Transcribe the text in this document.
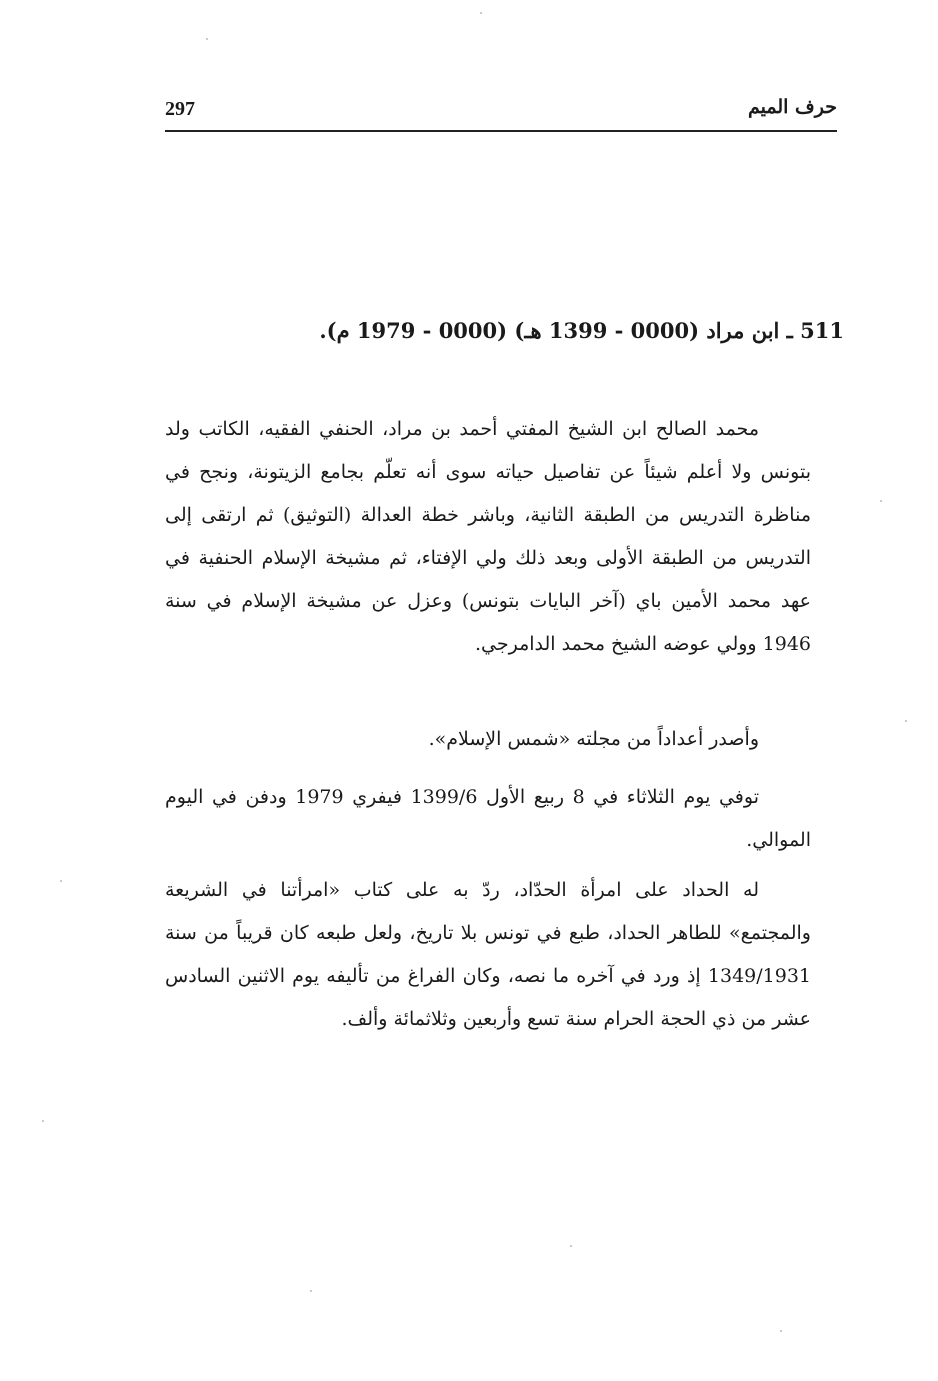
297	حرف الميم
511 ـ ابن مراد (0000 - 1399 هـ) (0000 - 1979 م).

محمد الصالح ابن الشيخ المفتي أحمد بن مراد، الحنفي الفقيه، الكاتب ولد بتونس ولا أعلم شيئاً عن تفاصيل حياته سوى أنه تعلّم بجامع الزيتونة، ونجح في مناظرة التدريس من الطبقة الثانية، وباشر خطة العدالة (التوثيق) ثم ارتقى إلى التدريس من الطبقة الأولى وبعد ذلك ولي الإفتاء، ثم مشيخة الإسلام الحنفية في عهد محمد الأمين باي (آخر البايات بتونس) وعزل عن مشيخة الإسلام في سنة 1946 وولي عوضه الشيخ محمد الدامرجي.

وأصدر أعداداً من مجلته «شمس الإسلام».

توفي يوم الثلاثاء في 8 ربيع الأول 1399/6 فيفري 1979 ودفن في اليوم الموالي.

له الحداد على امرأة الحدّاد، ردّ به على كتاب «امرأتنا في الشريعة والمجتمع» للطاهر الحداد، طبع في تونس بلا تاريخ، ولعل طبعه كان قريباً من سنة 1349/1931 إذ ورد في آخره ما نصه، وكان الفراغ من تأليفه يوم الاثنين السادس عشر من ذي الحجة الحرام سنة تسع وأربعين وثلاثمائة وألف.
